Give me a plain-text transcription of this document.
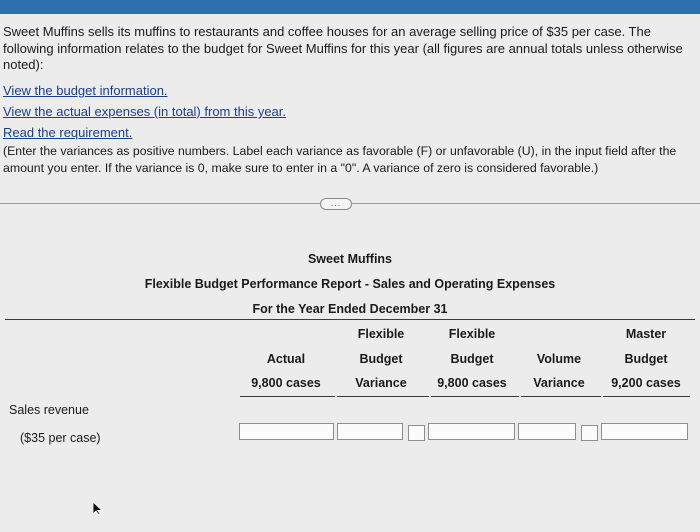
Sweet Muffins sells its muffins to restaurants and coffee houses for an average selling price of $35 per case. The following information relates to the budget for Sweet Muffins for this year (all figures are annual totals unless otherwise noted):
View the budget information.
View the actual expenses (in total) from this year.
Read the requirement.
(Enter the variances as positive numbers. Label each variance as favorable (F) or unfavorable (U), in the input field after the amount you enter. If the variance is 0, make sure to enter in a "0". A variance of zero is considered favorable.)
...
Sweet Muffins
Flexible Budget Performance Report - Sales and Operating Expenses
For the Year Ended December 31

Actual
9,800 cases
Flexible
Budget
Variance
Flexible
Budget
9,800 cases

Volume
Variance
Master
Budget
9,200 cases
Sales revenue
($35 per case)
